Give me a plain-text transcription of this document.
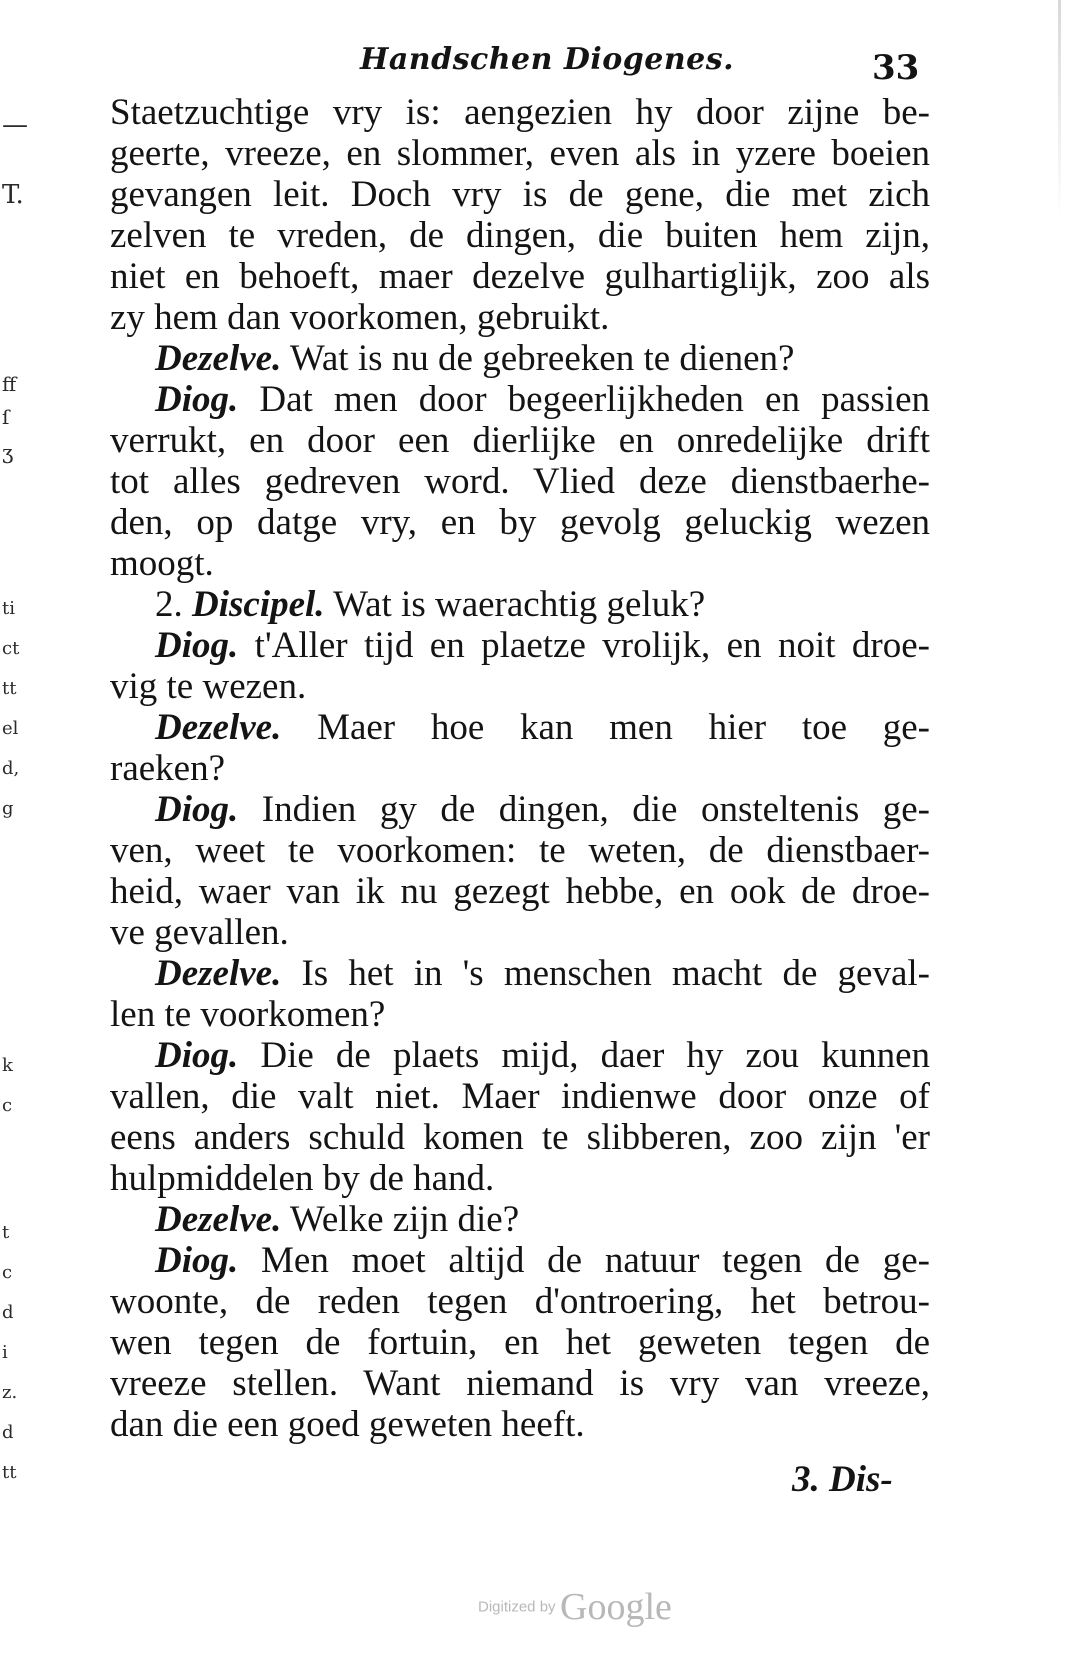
—
T.
ff
ſ
ʒ
ti
ct
tt
el
d,
g
k
c
t
c
d
i
z.
d
tt
Handschen Diogenes.	33
Staetzuchtige vry is: aengezien hy door zijne be-
geerte, vreeze, en slommer, even als in yzere boeien
gevangen leit. Doch vry is de gene, die met zich
zelven te vreden, de dingen, die buiten hem zijn,
niet en behoeft, maer dezelve gulhartiglijk, zoo als
zy hem dan voorkomen, gebruikt.
Dezelve. Wat is nu de gebreeken te dienen?
Diog. Dat men door begeerlijkheden en passien
verrukt, en door een dierlijke en onredelijke drift
tot alles gedreven word. Vlied deze dienstbaerhe-
den, op datge vry, en by gevolg geluckig wezen
moogt.
2. Discipel. Wat is waerachtig geluk?
Diog. t'Aller tijd en plaetze vrolijk, en noit droe-
vig te wezen.
Dezelve. Maer hoe kan men hier toe ge-
raeken?
Diog. Indien gy de dingen, die onsteltenis ge-
ven, weet te voorkomen: te weten, de dienstbaer-
heid, waer van ik nu gezegt hebbe, en ook de droe-
ve gevallen.
Dezelve. Is het in 's menschen macht de geval-
len te voorkomen?
Diog. Die de plaets mijd, daer hy zou kunnen
vallen, die valt niet. Maer indienwe door onze of
eens anders schuld komen te slibberen, zoo zijn 'er
hulpmiddelen by de hand.
Dezelve. Welke zijn die?
Diog. Men moet altijd de natuur tegen de ge-
woonte, de reden tegen d'ontroering, het betrou-
wen tegen de fortuin, en het geweten tegen de
vreeze stellen. Want niemand is vry van vreeze,
dan die een goed geweten heeft.
3. Dis-
Digitized by Google
